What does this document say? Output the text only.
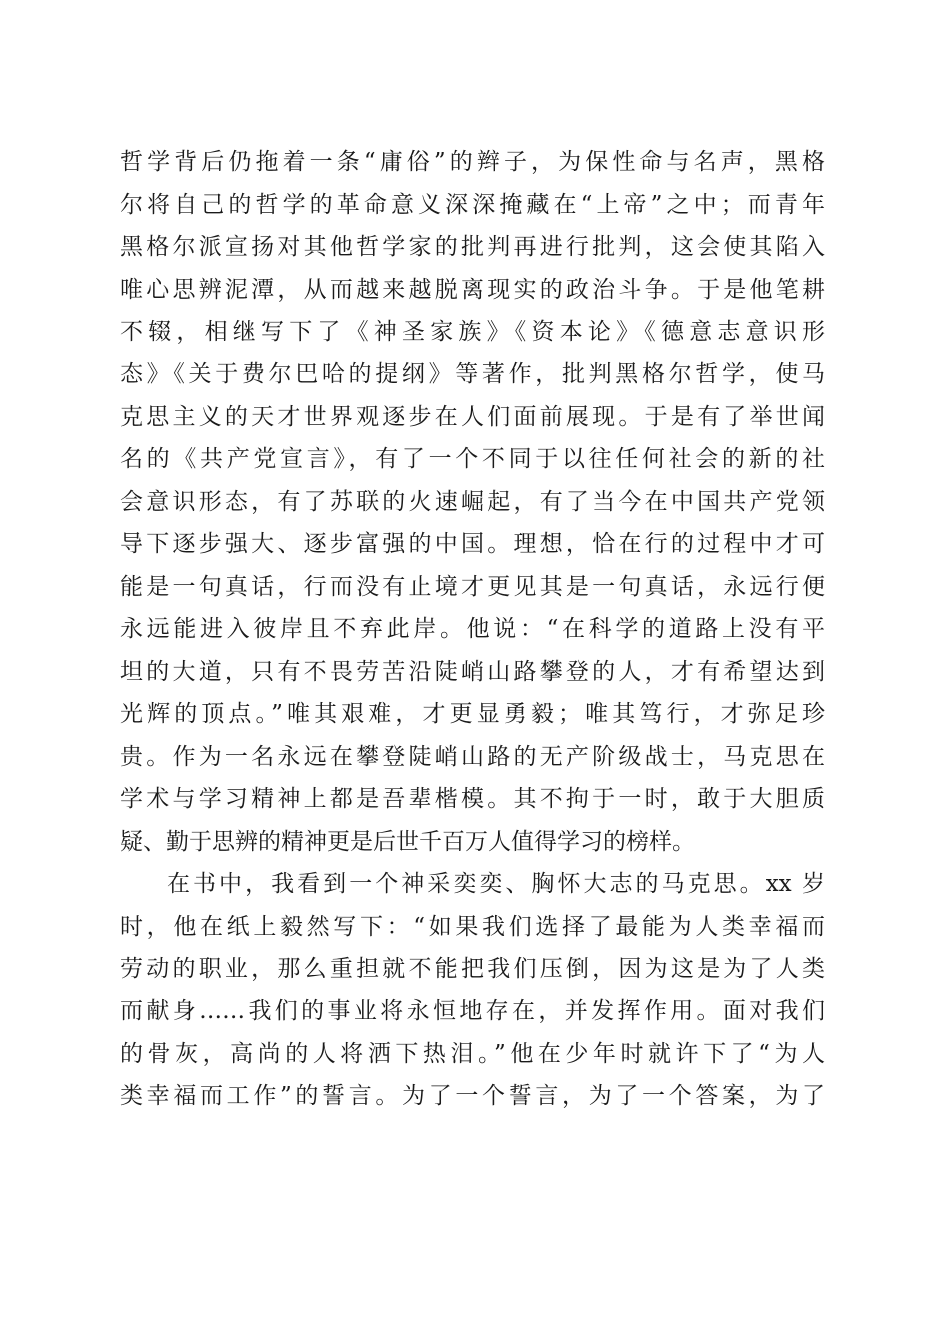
哲学背后仍拖着一条“庸俗”的辫子，为保性命与名声，黑格
尔将自己的哲学的革命意义深深掩藏在“上帝”之中；而青年
黑格尔派宣扬对其他哲学家的批判再进行批判，这会使其陷入
唯心思辨泥潭，从而越来越脱离现实的政治斗争。于是他笔耕
不辍，相继写下了《神圣家族》《资本论》《德意志意识形
态》《关于费尔巴哈的提纲》等著作，批判黑格尔哲学，使马
克思主义的天才世界观逐步在人们面前展现。于是有了举世闻
名的《共产党宣言》，有了一个不同于以往任何社会的新的社
会意识形态，有了苏联的火速崛起，有了当今在中国共产党领
导下逐步强大、逐步富强的中国。理想，恰在行的过程中才可
能是一句真话，行而没有止境才更见其是一句真话，永远行便
永远能进入彼岸且不弃此岸。他说：“在科学的道路上没有平
坦的大道，只有不畏劳苦沿陡峭山路攀登的人，才有希望达到
光辉的顶点。”唯其艰难，才更显勇毅；唯其笃行，才弥足珍
贵。作为一名永远在攀登陡峭山路的无产阶级战士，马克思在
学术与学习精神上都是吾辈楷模。其不拘于一时，敢于大胆质
疑、勤于思辨的精神更是后世千百万人值得学习的榜样。
在书中，我看到一个神采奕奕、胸怀大志的马克思。xx 岁
时，他在纸上毅然写下：“如果我们选择了最能为人类幸福而
劳动的职业，那么重担就不能把我们压倒，因为这是为了人类
而献身……我们的事业将永恒地存在，并发挥作用。面对我们
的骨灰，高尚的人将洒下热泪。”他在少年时就许下了“为人
类幸福而工作”的誓言。为了一个誓言，为了一个答案，为了
